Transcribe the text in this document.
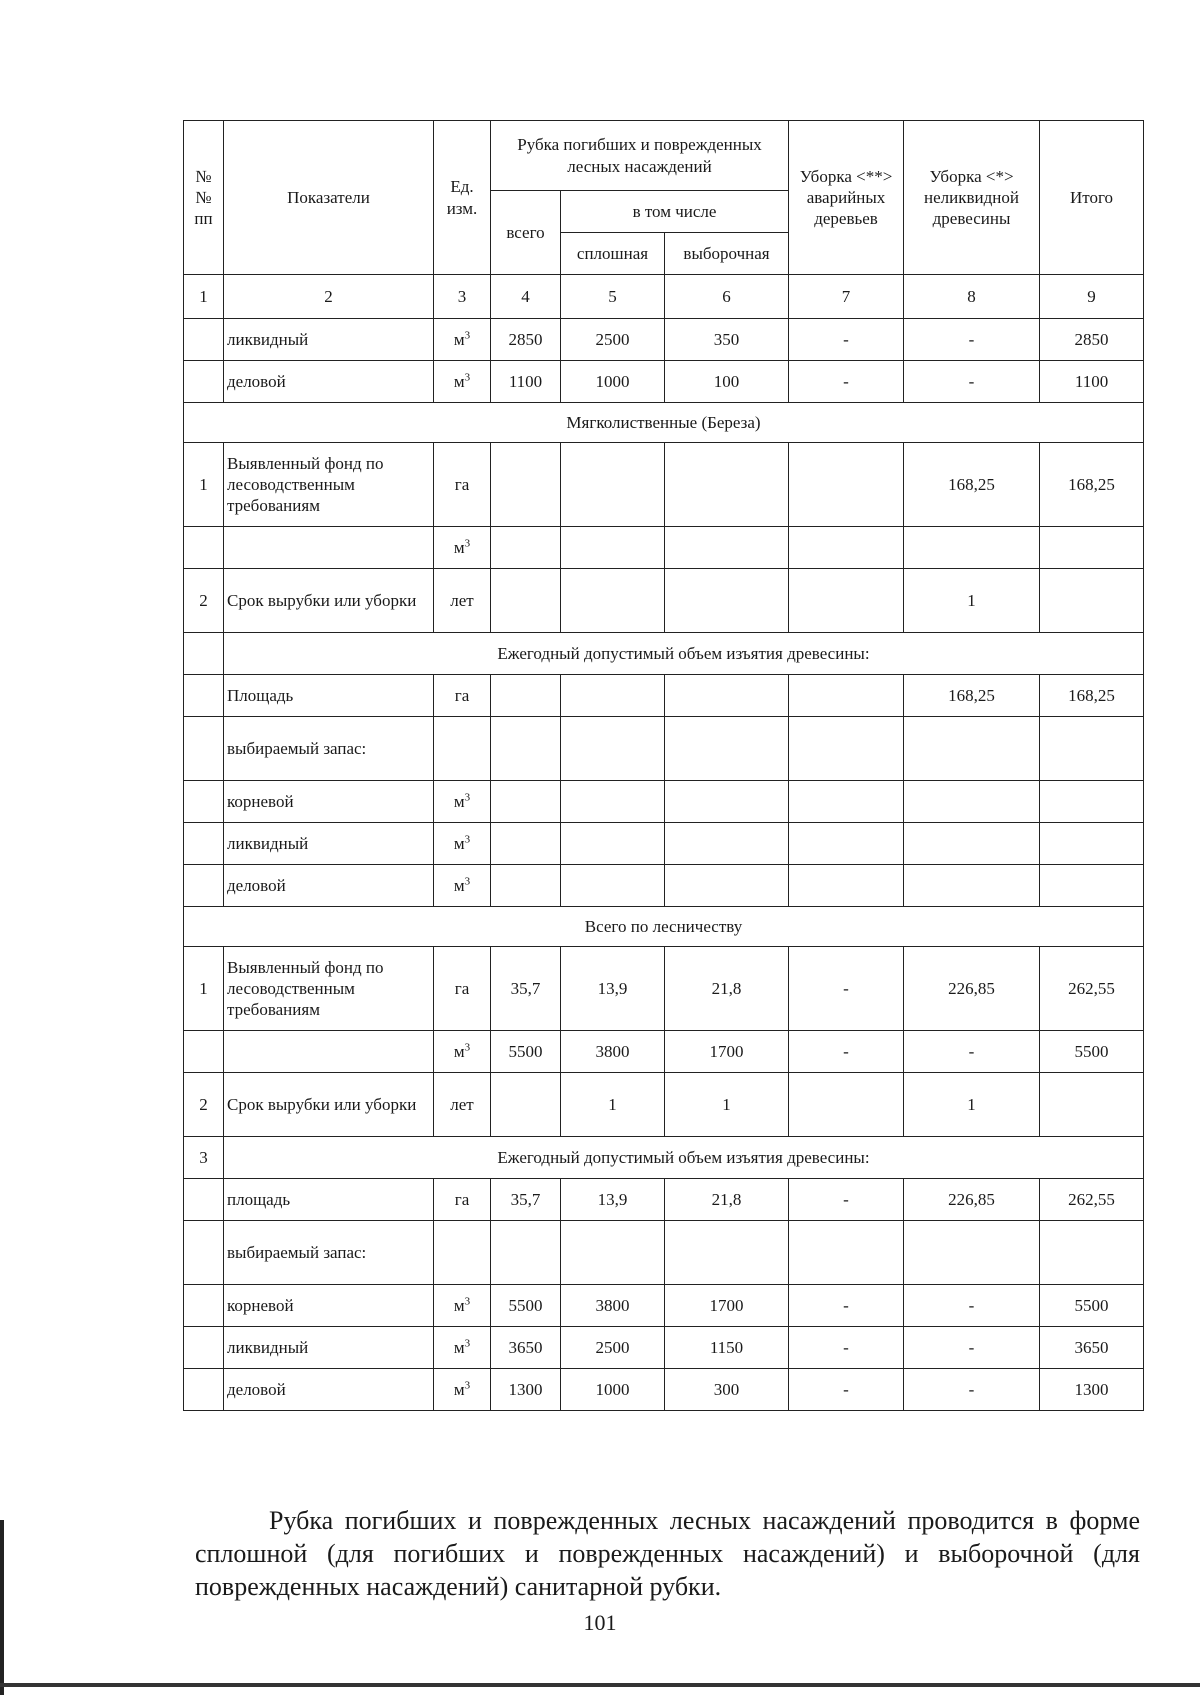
№№ пп	Показатели	Ед. изм.	Рубка погибших и поврежденных лесных насаждений			Уборка <**> аварийных деревьев	Уборка <*> неликвидной древесины	Итого
			всего	в том числе				
				сплошная	выборочная			
1	2	3	4	5	6	7	8	9
	ликвидный	$м^3$	2850	2500	350	-	-	2850
	деловой	$м^3$	1100	1000	100	-	-	1100
Мягколиственные (Береза)								
1	Выявленный фонд по лесоводственным требованиям	га					168,25	168,25
		$м^3$						
2	Срок вырубки или уборки	лет					1	
	Ежегодный допустимый объем изъятия древесины:							
	Площадь	га					168,25	168,25
	выбираемый запас:							
	корневой	$м^3$						
	ликвидный	$м^3$						
	деловой	$м^3$						
Всего по лесничеству								
1	Выявленный фонд по лесоводственным требованиям	га	35,7	13,9	21,8	-	226,85	262,55
		$м^3$	5500	3800	1700	-	-	5500
2	Срок вырубки или уборки	лет		1	1		1	
3	Ежегодный допустимый объем изъятия древесины:							
	площадь	га	35,7	13,9	21,8	-	226,85	262,55
	выбираемый запас:							
	корневой	$м^3$	5500	3800	1700	-	-	5500
	ликвидный	$м^3$	3650	2500	1150	-	-	3650
	деловой	$м^3$	1300	1000	300	-	-	1300

Рубка погибших и поврежденных лесных насаждений проводится в форме сплошной (для погибших и поврежденных насаждений) и выборочной (для поврежденных насаждений) санитарной рубки.

101
